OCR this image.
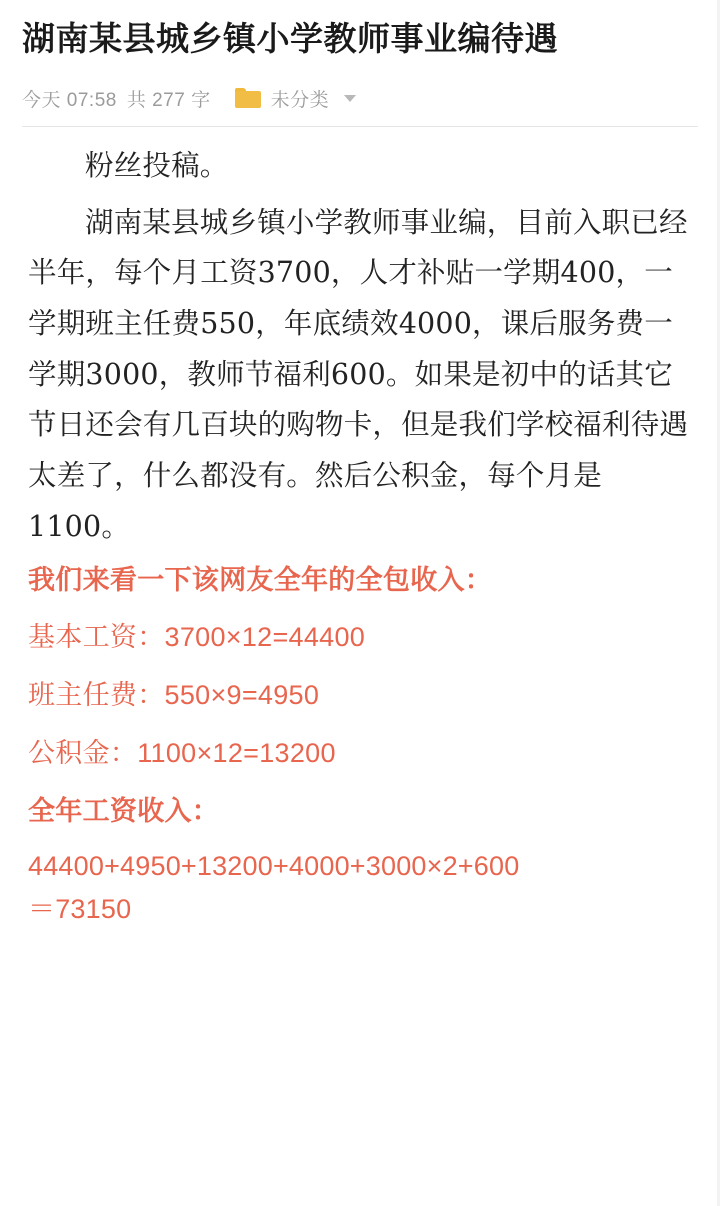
湖南某县城乡镇小学教师事业编待遇
今天 07:58 共 277 字	未分类

粉丝投稿。

湖南某县城乡镇小学教师事业编，目前入职已经半年，每个月工资3700，人才补贴一学期400，一学期班主任费550，年底绩效4000，课后服务费一学期3000，教师节福利600。如果是初中的话其它节日还会有几百块的购物卡，但是我们学校福利待遇太差了，什么都没有。然后公积金，每个月是1100。

我们来看一下该网友全年的全包收入：

基本工资：3700×12=44400

班主任费：550×9=4950

公积金：1100×12=13200

全年工资收入：

44400+4950+13200+4000+3000×2+600

＝73150
